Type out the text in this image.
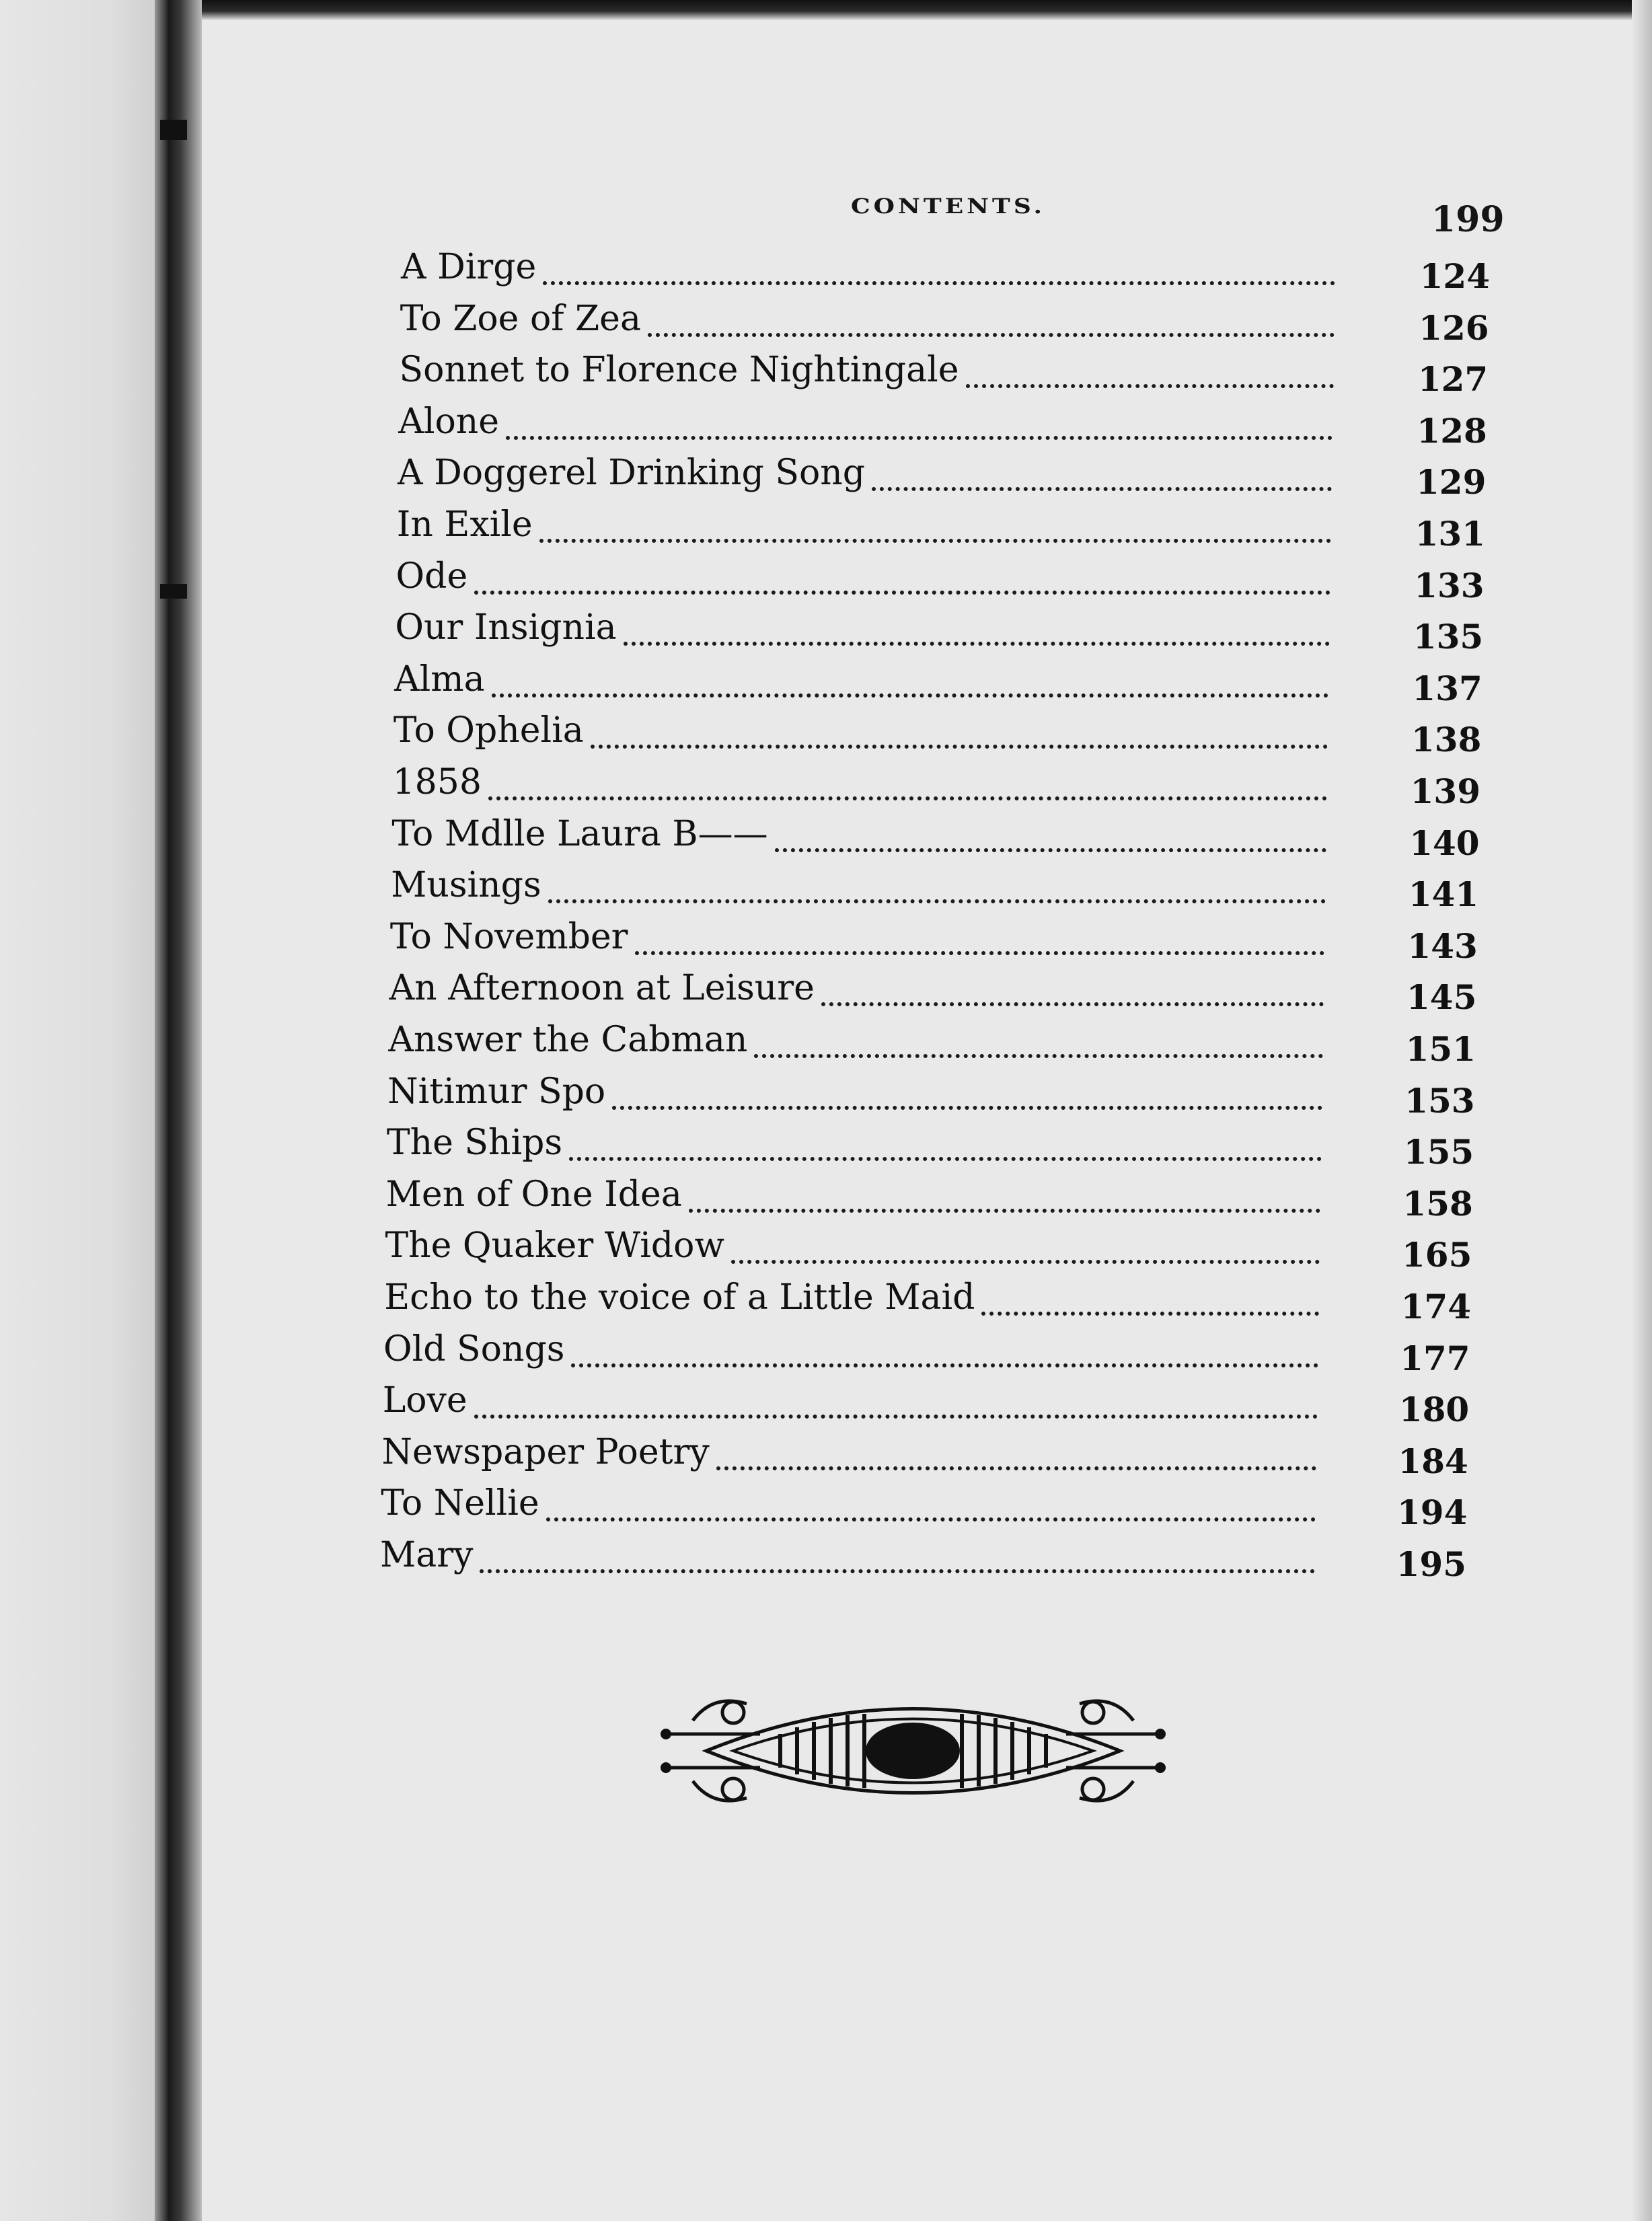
CONTENTS.	199
A Dirge	124
To Zoe of Zea	126
Sonnet to Florence Nightingale	127
Alone	128
A Doggerel Drinking Song	129
In Exile	131
Ode	133
Our Insignia	135
Alma	137
To Ophelia	138
1858	139
To Mdlle Laura B——	140
Musings	141
To November	143
An Afternoon at Leisure	145
Answer the Cabman	151
Nitimur Spo	153
The Ships	155
Men of One Idea	158
The Quaker Widow	165
Echo to the voice of a Little Maid	174
Old Songs	177
Love	180
Newspaper Poetry	184
To Nellie	194
Mary	195
